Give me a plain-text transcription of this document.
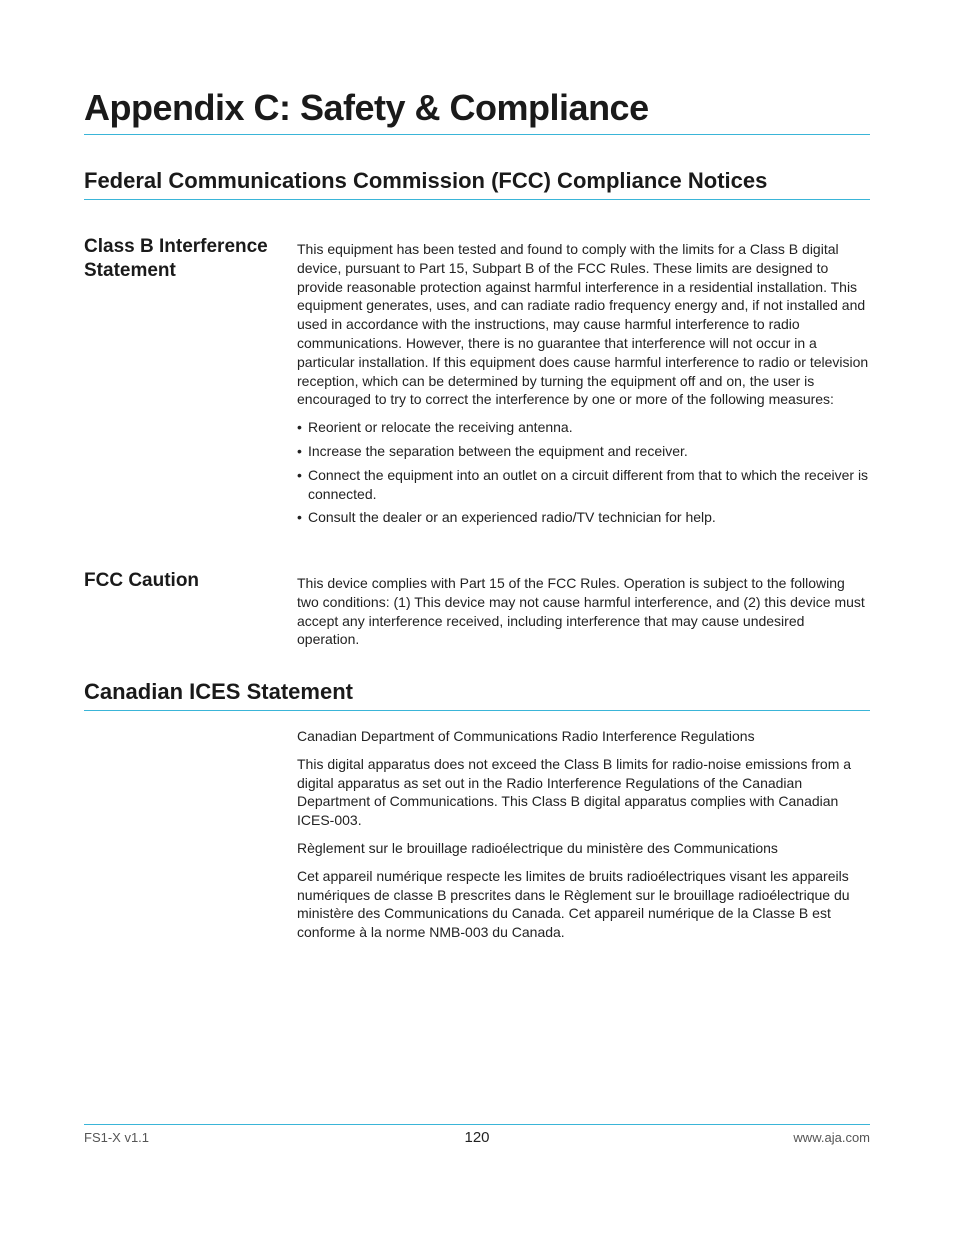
Appendix C: Safety & Compliance
Federal Communications Commission (FCC) Compliance Notices
Class B Interference Statement

This equipment has been tested and found to comply with the limits for a Class B digital device, pursuant to Part 15, Subpart B of the FCC Rules. These limits are designed to provide reasonable protection against harmful interference in a residential installation. This equipment generates, uses, and can radiate radio frequency energy and, if not installed and used in accordance with the instructions, may cause harmful interference to radio communications. However, there is no guarantee that interference will not occur in a particular installation. If this equipment does cause harmful interference to radio or television reception, which can be determined by turning the equipment off and on, the user is encouraged to try to correct the interference by one or more of the following measures:

• Reorient or relocate the receiving antenna.
• Increase the separation between the equipment and receiver.
• Connect the equipment into an outlet on a circuit different from that to which the receiver is connected.
• Consult the dealer or an experienced radio/TV technician for help.
FCC Caution	This device complies with Part 15 of the FCC Rules. Operation is subject to the following two conditions: (1) This device may not cause harmful interference, and (2) this device must accept any interference received, including interference that may cause undesired operation.

Canadian ICES Statement

Canadian Department of Communications Radio Interference Regulations

This digital apparatus does not exceed the Class B limits for radio-noise emissions from a digital apparatus as set out in the Radio Interference Regulations of the Canadian Department of Communications. This Class B digital apparatus complies with Canadian ICES-003.

Règlement sur le brouillage radioélectrique du ministère des Communications

Cet appareil numérique respecte les limites de bruits radioélectriques visant les appareils numériques de classe B prescrites dans le Règlement sur le brouillage radioélectrique du ministère des Communications du Canada. Cet appareil numérique de la Classe B est conforme à la norme NMB-003 du Canada.

FS1-X v1.1	120	www.aja.com
